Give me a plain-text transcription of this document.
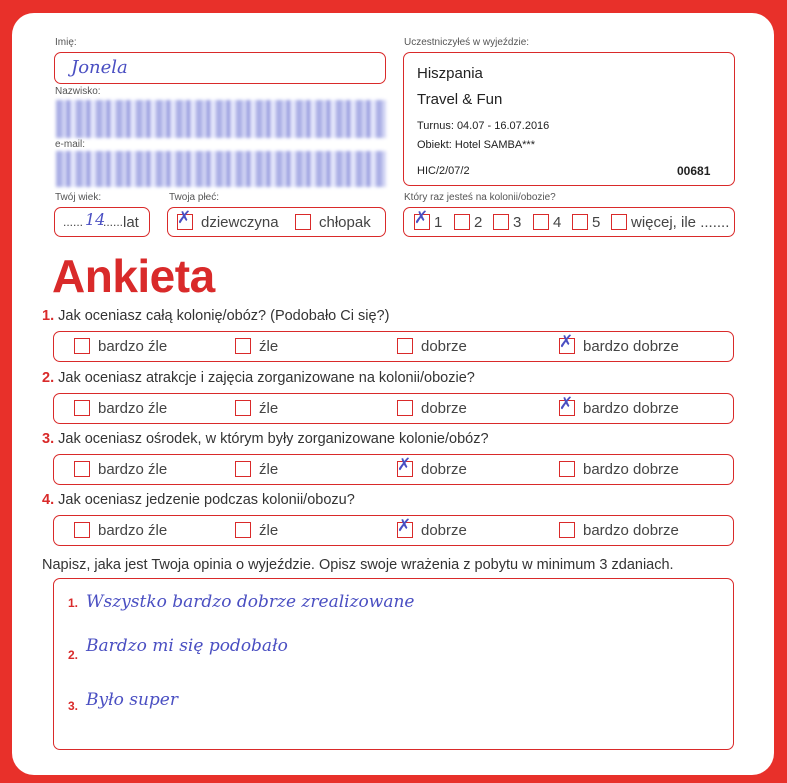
Imię:
Jonela
Nazwisko:
e-mail:
Twój wiek:
...... 14
...... lat
Twoja płeć:
✗ dziewczyna	chłopak
Uczestniczyłeś w wyjeździe:
Hiszpania
Travel & Fun
Turnus: 04.07 - 16.07.2016
Obiekt: Hotel SAMBA***
HIC/2/07/2	00681
Który raz jesteś na kolonii/obozie?
✗ 1 2 3 4 5 więcej, ile .......
Ankieta
1. Jak oceniasz całą kolonię/obóz? (Podobało Ci się?)
bardzo źle	źle	dobrze	✗ bardzo dobrze
2. Jak oceniasz atrakcje i zajęcia zorganizowane na kolonii/obozie?
bardzo źle	źle	dobrze	✗ bardzo dobrze
3. Jak oceniasz ośrodek, w którym były zorganizowane kolonie/obóz?
bardzo źle	źle	✗ dobrze	bardzo dobrze
4. Jak oceniasz jedzenie podczas kolonii/obozu?
bardzo źle	źle	✗ dobrze	bardzo dobrze
Napisz, jaka jest Twoja opinia o wyjeździe. Opisz swoje wrażenia z pobytu w minimum 3 zdaniach.
1. Wszystko bardzo dobrze zrealizowane
2. Bardzo mi się podobało
3. Było super
